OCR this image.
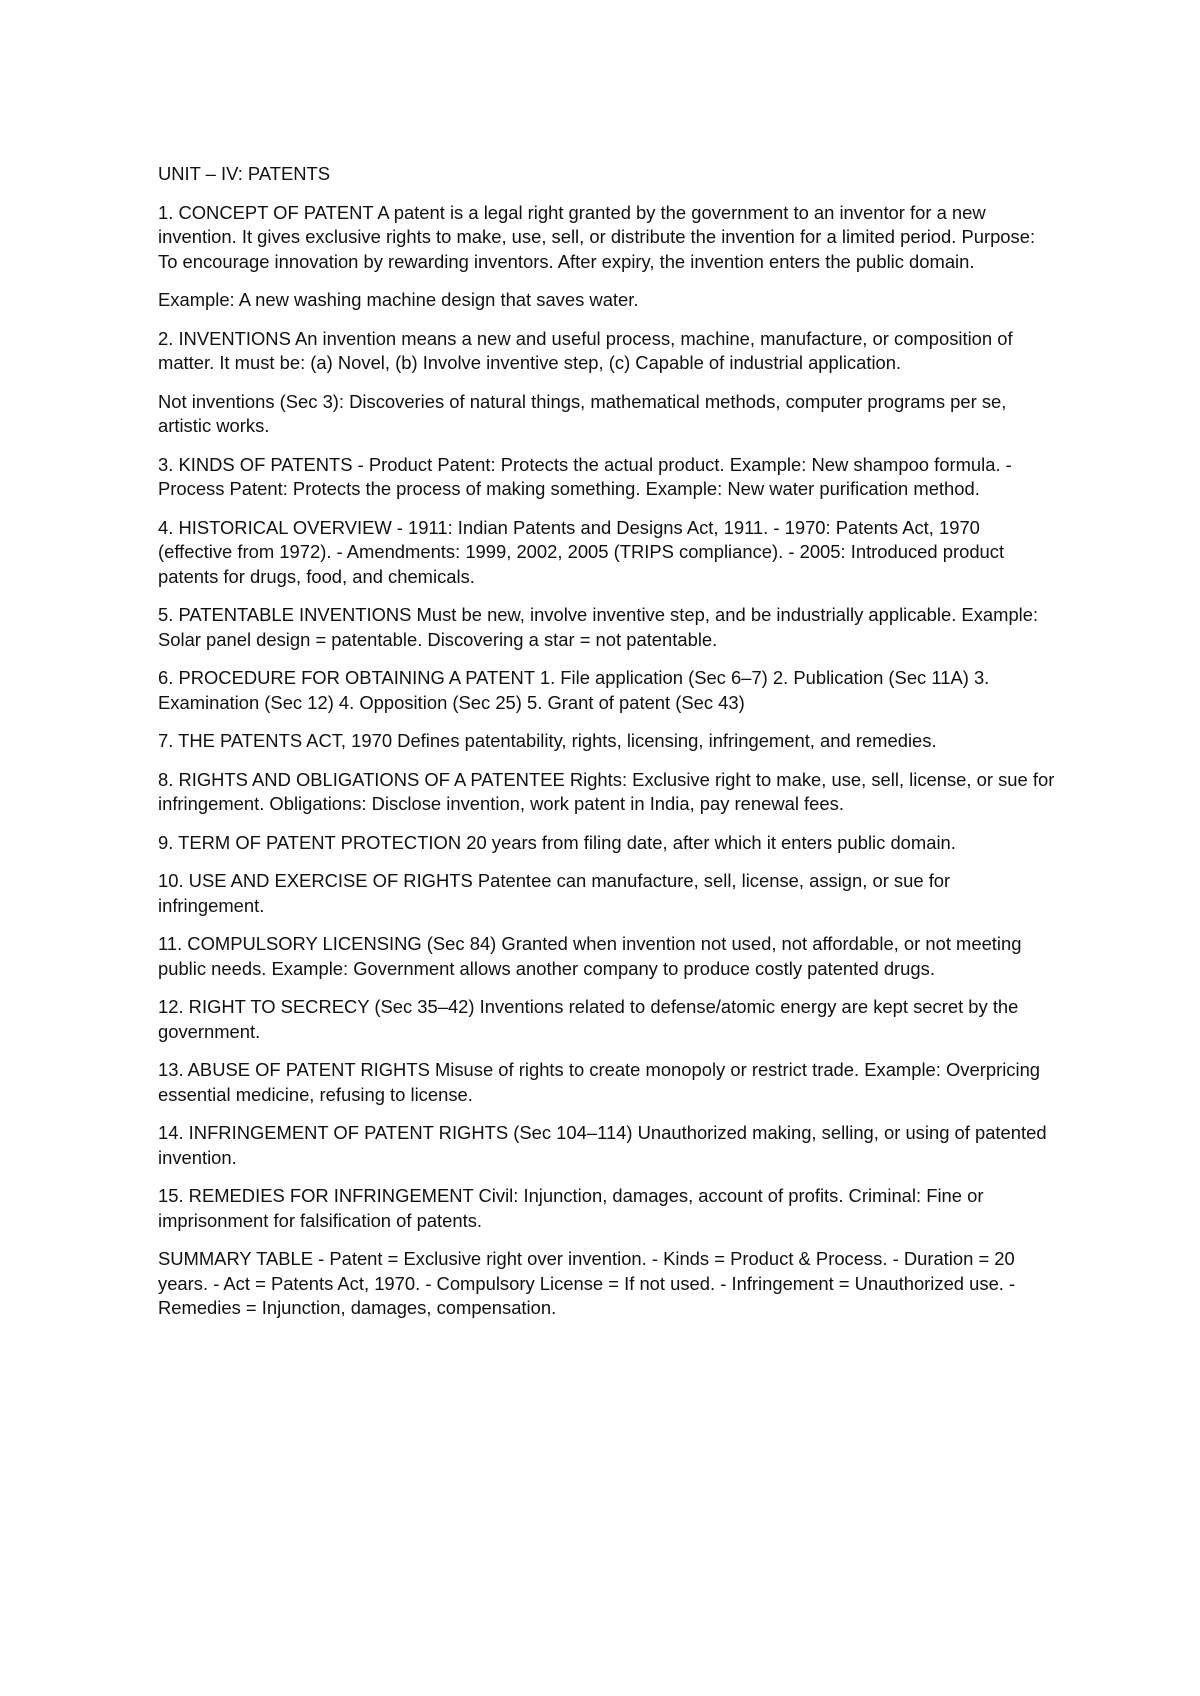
UNIT – IV: PATENTS

1. CONCEPT OF PATENT A patent is a legal right granted by the government to an inventor for a new invention. It gives exclusive rights to make, use, sell, or distribute the invention for a limited period. Purpose: To encourage innovation by rewarding inventors. After expiry, the invention enters the public domain.

Example: A new washing machine design that saves water.

2. INVENTIONS An invention means a new and useful process, machine, manufacture, or composition of matter. It must be: (a) Novel, (b) Involve inventive step, (c) Capable of industrial application.

Not inventions (Sec 3): Discoveries of natural things, mathematical methods, computer programs per se, artistic works.

3. KINDS OF PATENTS - Product Patent: Protects the actual product. Example: New shampoo formula. - Process Patent: Protects the process of making something. Example: New water purification method.

4. HISTORICAL OVERVIEW - 1911: Indian Patents and Designs Act, 1911. - 1970: Patents Act, 1970 (effective from 1972). - Amendments: 1999, 2002, 2005 (TRIPS compliance). - 2005: Introduced product patents for drugs, food, and chemicals.

5. PATENTABLE INVENTIONS Must be new, involve inventive step, and be industrially applicable. Example: Solar panel design = patentable. Discovering a star = not patentable.

6. PROCEDURE FOR OBTAINING A PATENT 1. File application (Sec 6–7) 2. Publication (Sec 11A) 3. Examination (Sec 12) 4. Opposition (Sec 25) 5. Grant of patent (Sec 43)

7. THE PATENTS ACT, 1970 Defines patentability, rights, licensing, infringement, and remedies.

8. RIGHTS AND OBLIGATIONS OF A PATENTEE Rights: Exclusive right to make, use, sell, license, or sue for infringement. Obligations: Disclose invention, work patent in India, pay renewal fees.

9. TERM OF PATENT PROTECTION 20 years from filing date, after which it enters public domain.

10. USE AND EXERCISE OF RIGHTS Patentee can manufacture, sell, license, assign, or sue for infringement.

11. COMPULSORY LICENSING (Sec 84) Granted when invention not used, not affordable, or not meeting public needs. Example: Government allows another company to produce costly patented drugs.

12. RIGHT TO SECRECY (Sec 35–42) Inventions related to defense/atomic energy are kept secret by the government.

13. ABUSE OF PATENT RIGHTS Misuse of rights to create monopoly or restrict trade. Example: Overpricing essential medicine, refusing to license.

14. INFRINGEMENT OF PATENT RIGHTS (Sec 104–114) Unauthorized making, selling, or using of patented invention.

15. REMEDIES FOR INFRINGEMENT Civil: Injunction, damages, account of profits. Criminal: Fine or imprisonment for falsification of patents.

SUMMARY TABLE - Patent = Exclusive right over invention. - Kinds = Product & Process. - Duration = 20 years. - Act = Patents Act, 1970. - Compulsory License = If not used. - Infringement = Unauthorized use. - Remedies = Injunction, damages, compensation.
